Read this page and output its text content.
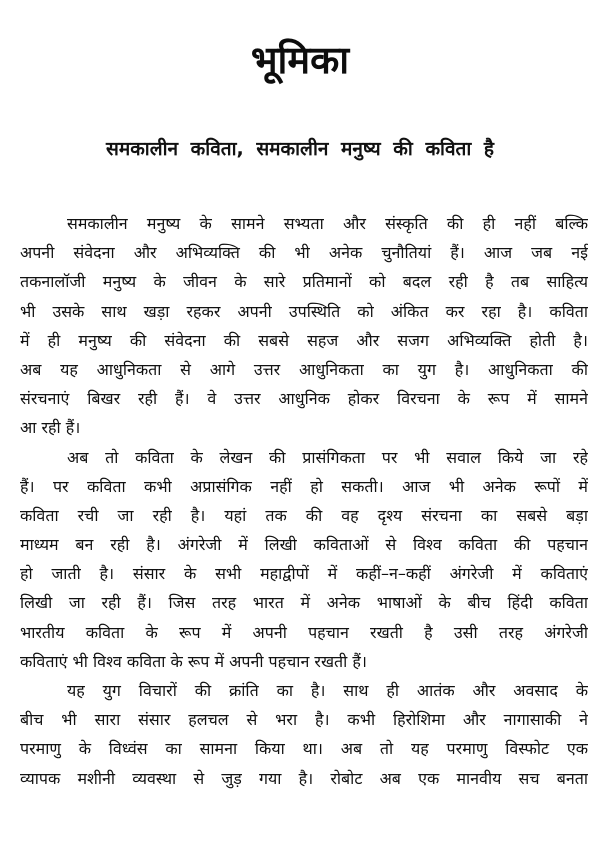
भूमिका
समकालीन कविता, समकालीन मनुष्य की कविता है
समकालीन मनुष्य के सामने सभ्यता और संस्कृति की ही नहीं बल्कि
अपनी संवेदना और अभिव्यक्ति की भी अनेक चुनौतियां हैं। आज जब नई
तकनालॉजी मनुष्य के जीवन के सारे प्रतिमानों को बदल रही है तब साहित्य
भी उसके साथ खड़ा रहकर अपनी उपस्थिति को अंकित कर रहा है। कविता
में ही मनुष्य की संवेदना की सबसे सहज और सजग अभिव्यक्ति होती है।
अब यह आधुनिकता से आगे उत्तर आधुनिकता का युग है। आधुनिकता की
संरचनाएं बिखर रही हैं। वे उत्तर आधुनिक होकर विरचना के रूप में सामने
आ रही हैं।
अब तो कविता के लेखन की प्रासंगिकता पर भी सवाल किये जा रहे
हैं। पर कविता कभी अप्रासंगिक नहीं हो सकती। आज भी अनेक रूपों में
कविता रची जा रही है। यहां तक की वह दृश्य संरचना का सबसे बड़ा
माध्यम बन रही है। अंगरेजी में लिखी कविताओं से विश्व कविता की पहचान
हो जाती है। संसार के सभी महाद्वीपों में कहीं–न–कहीं अंगरेजी में कविताएं
लिखी जा रही हैं। जिस तरह भारत में अनेक भाषाओं के बीच हिंदी कविता
भारतीय कविता के रूप में अपनी पहचान रखती है उसी तरह अंगरेजी
कविताएं भी विश्व कविता के रूप में अपनी पहचान रखती हैं।
यह युग विचारों की क्रांति का है। साथ ही आतंक और अवसाद के
बीच भी सारा संसार हलचल से भरा है। कभी हिरोशिमा और नागासाकी ने
परमाणु के विध्वंस का सामना किया था। अब तो यह परमाणु विस्फोट एक
व्यापक मशीनी व्यवस्था से जुड़ गया है। रोबोट अब एक मानवीय सच बनता
